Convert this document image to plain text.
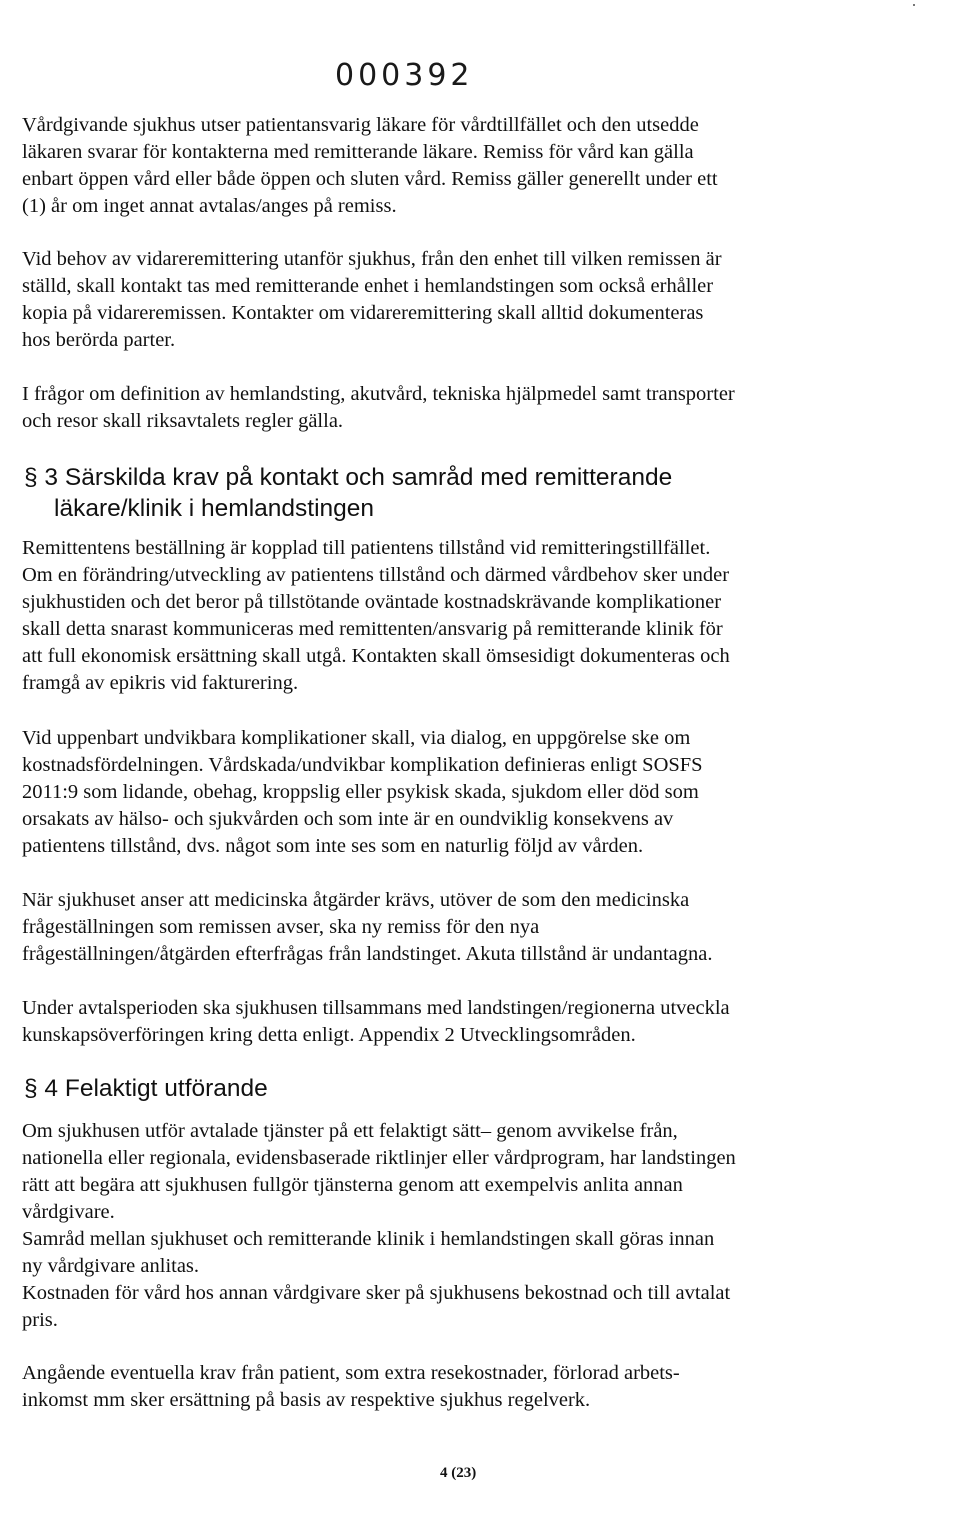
000392

Vårdgivande sjukhus utser patientansvarig läkare för vårdtillfället och den utsedde
läkaren svarar för kontakterna med remitterande läkare. Remiss för vård kan gälla
enbart öppen vård eller både öppen och sluten vård. Remiss gäller generellt under ett
(1) år om inget annat avtalas/anges på remiss.

Vid behov av vidareremittering utanför sjukhus, från den enhet till vilken remissen är
ställd, skall kontakt tas med remitterande enhet i hemlandstingen som också erhåller
kopia på vidareremissen. Kontakter om vidareremittering skall alltid dokumenteras
hos berörda parter.

I frågor om definition av hemlandsting, akutvård, tekniska hjälpmedel samt transporter
och resor skall riksavtalets regler gälla.

§ 3 Särskilda krav på kontakt och samråd med remitterande
läkare/klinik i hemlandstingen

Remittentens beställning är kopplad till patientens tillstånd vid remitteringstillfället.
Om en förändring/utveckling av patientens tillstånd och därmed vårdbehov sker under
sjukhustiden och det beror på tillstötande oväntade kostnadskrävande komplikationer
skall detta snarast kommuniceras med remittenten/ansvarig på remitterande klinik för
att full ekonomisk ersättning skall utgå. Kontakten skall ömsesidigt dokumenteras och
framgå av epikris vid fakturering.

Vid uppenbart undvikbara komplikationer skall, via dialog, en uppgörelse ske om
kostnadsfördelningen. Vårdskada/undvikbar komplikation definieras enligt SOSFS
2011:9 som lidande, obehag, kroppslig eller psykisk skada, sjukdom eller död som
orsakats av hälso- och sjukvården och som inte är en oundviklig konsekvens av
patientens tillstånd, dvs. något som inte ses som en naturlig följd av vården.

När sjukhuset anser att medicinska åtgärder krävs, utöver de som den medicinska
frågeställningen som remissen avser, ska ny remiss för den nya
frågeställningen/åtgärden efterfrågas från landstinget. Akuta tillstånd är undantagna.

Under avtalsperioden ska sjukhusen tillsammans med landstingen/regionerna utveckla
kunskapsöverföringen kring detta enligt. Appendix 2 Utvecklingsområden.

§ 4 Felaktigt utförande

Om sjukhusen utför avtalade tjänster på ett felaktigt sätt– genom avvikelse från,
nationella eller regionala, evidensbaserade riktlinjer eller vårdprogram, har landstingen
rätt att begära att sjukhusen fullgör tjänsterna genom att exempelvis anlita annan
vårdgivare.
Samråd mellan sjukhuset och remitterande klinik i hemlandstingen skall göras innan
ny vårdgivare anlitas.
Kostnaden för vård hos annan vårdgivare sker på sjukhusens bekostnad och till avtalat
pris.

Angående eventuella krav från patient, som extra resekostnader, förlorad arbets-
inkomst mm sker ersättning på basis av respektive sjukhus regelverk.

4 (23)
